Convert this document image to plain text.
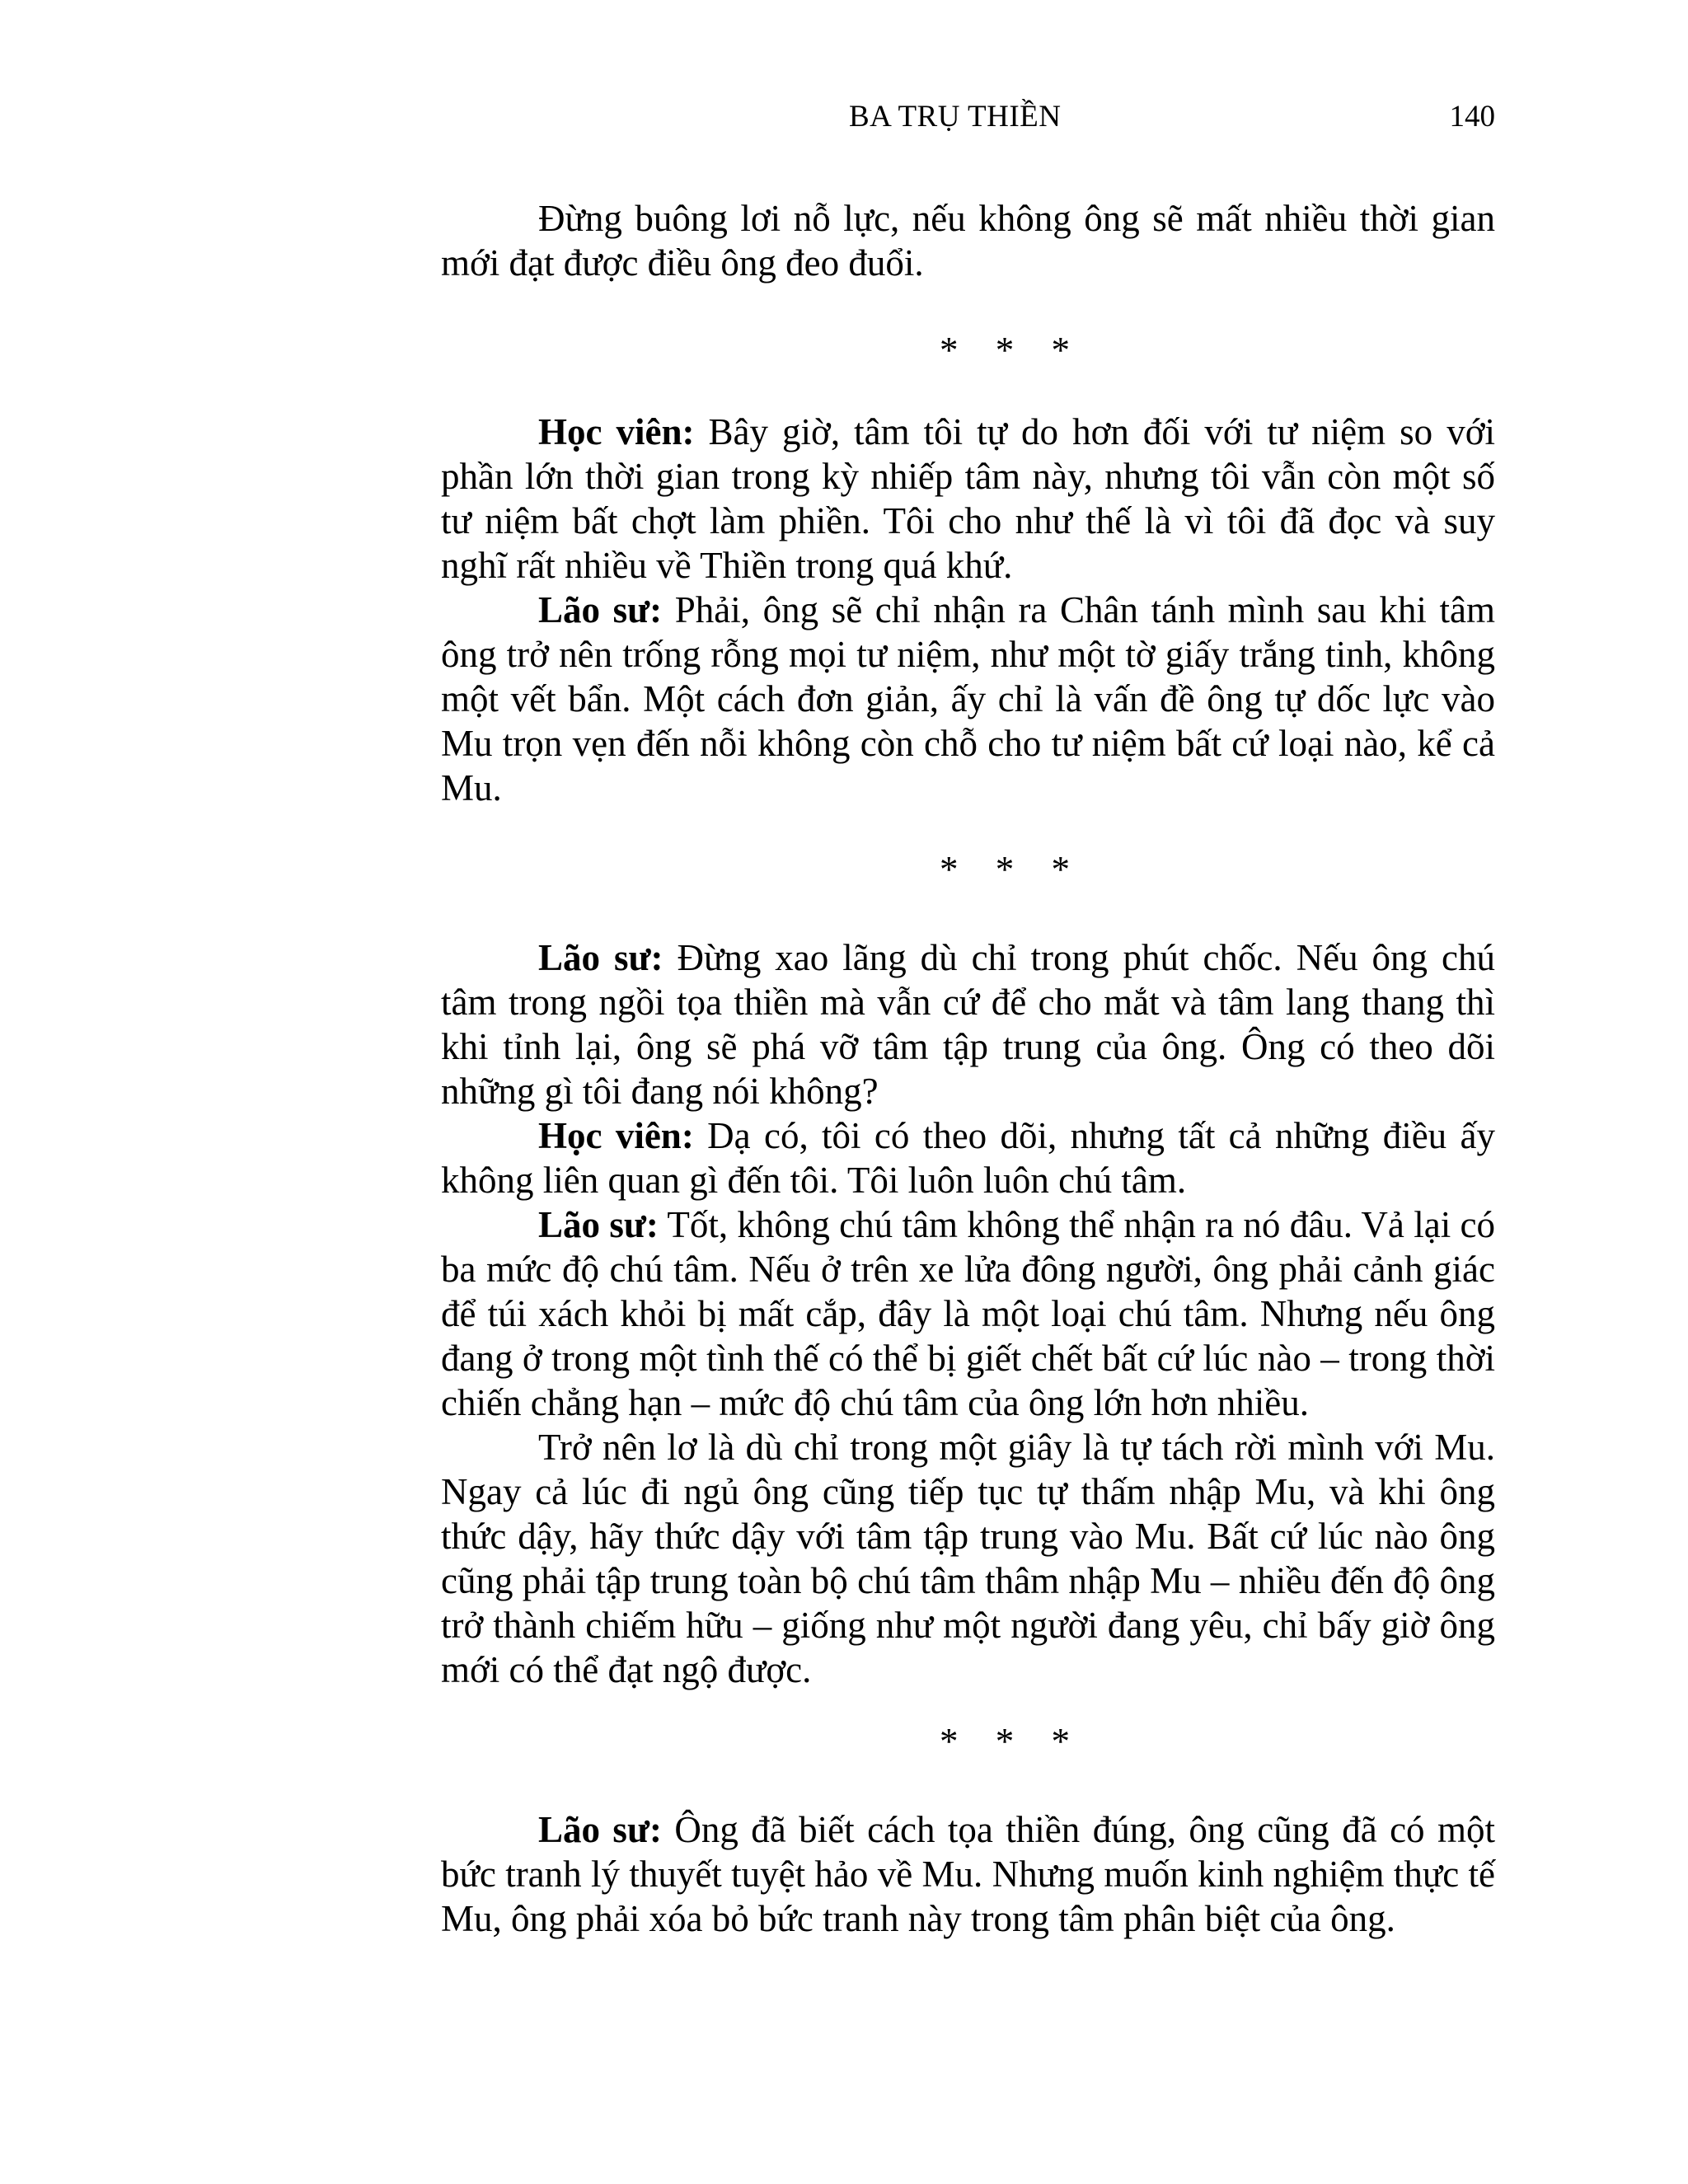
BA TRỤ THIỀN	140

Đừng buông lơi nỗ lực, nếu không ông sẽ mất nhiều thời gian mới đạt được điều ông đeo đuổi.

* * *

Học viên: Bây giờ, tâm tôi tự do hơn đối với tư niệm so với phần lớn thời gian trong kỳ nhiếp tâm này, nhưng tôi vẫn còn một số tư niệm bất chợt làm phiền. Tôi cho như thế là vì tôi đã đọc và suy nghĩ rất nhiều về Thiền trong quá khứ.

Lão sư: Phải, ông sẽ chỉ nhận ra Chân tánh mình sau khi tâm ông trở nên trống rỗng mọi tư niệm, như một tờ giấy trắng tinh, không một vết bẩn. Một cách đơn giản, ấy chỉ là vấn đề ông tự dốc lực vào Mu trọn vẹn đến nỗi không còn chỗ cho tư niệm bất cứ loại nào, kể cả Mu.

* * *

Lão sư: Đừng xao lãng dù chỉ trong phút chốc. Nếu ông chú tâm trong ngồi tọa thiền mà vẫn cứ để cho mắt và tâm lang thang thì khi tỉnh lại, ông sẽ phá vỡ tâm tập trung của ông. Ông có theo dõi những gì tôi đang nói không?

Học viên: Dạ có, tôi có theo dõi, nhưng tất cả những điều ấy không liên quan gì đến tôi. Tôi luôn luôn chú tâm.

Lão sư: Tốt, không chú tâm không thể nhận ra nó đâu. Vả lại có ba mức độ chú tâm. Nếu ở trên xe lửa đông người, ông phải cảnh giác để túi xách khỏi bị mất cắp, đây là một loại chú tâm. Nhưng nếu ông đang ở trong một tình thế có thể bị giết chết bất cứ lúc nào – trong thời chiến chẳng hạn – mức độ chú tâm của ông lớn hơn nhiều.

Trở nên lơ là dù chỉ trong một giây là tự tách rời mình với Mu. Ngay cả lúc đi ngủ ông cũng tiếp tục tự thấm nhập Mu, và khi ông thức dậy, hãy thức dậy với tâm tập trung vào Mu. Bất cứ lúc nào ông cũng phải tập trung toàn bộ chú tâm thâm nhập Mu – nhiều đến độ ông trở thành chiếm hữu – giống như một người đang yêu, chỉ bấy giờ ông mới có thể đạt ngộ được.

* * *

Lão sư: Ông đã biết cách tọa thiền đúng, ông cũng đã có một bức tranh lý thuyết tuyệt hảo về Mu. Nhưng muốn kinh nghiệm thực tế Mu, ông phải xóa bỏ bức tranh này trong tâm phân biệt của ông.
